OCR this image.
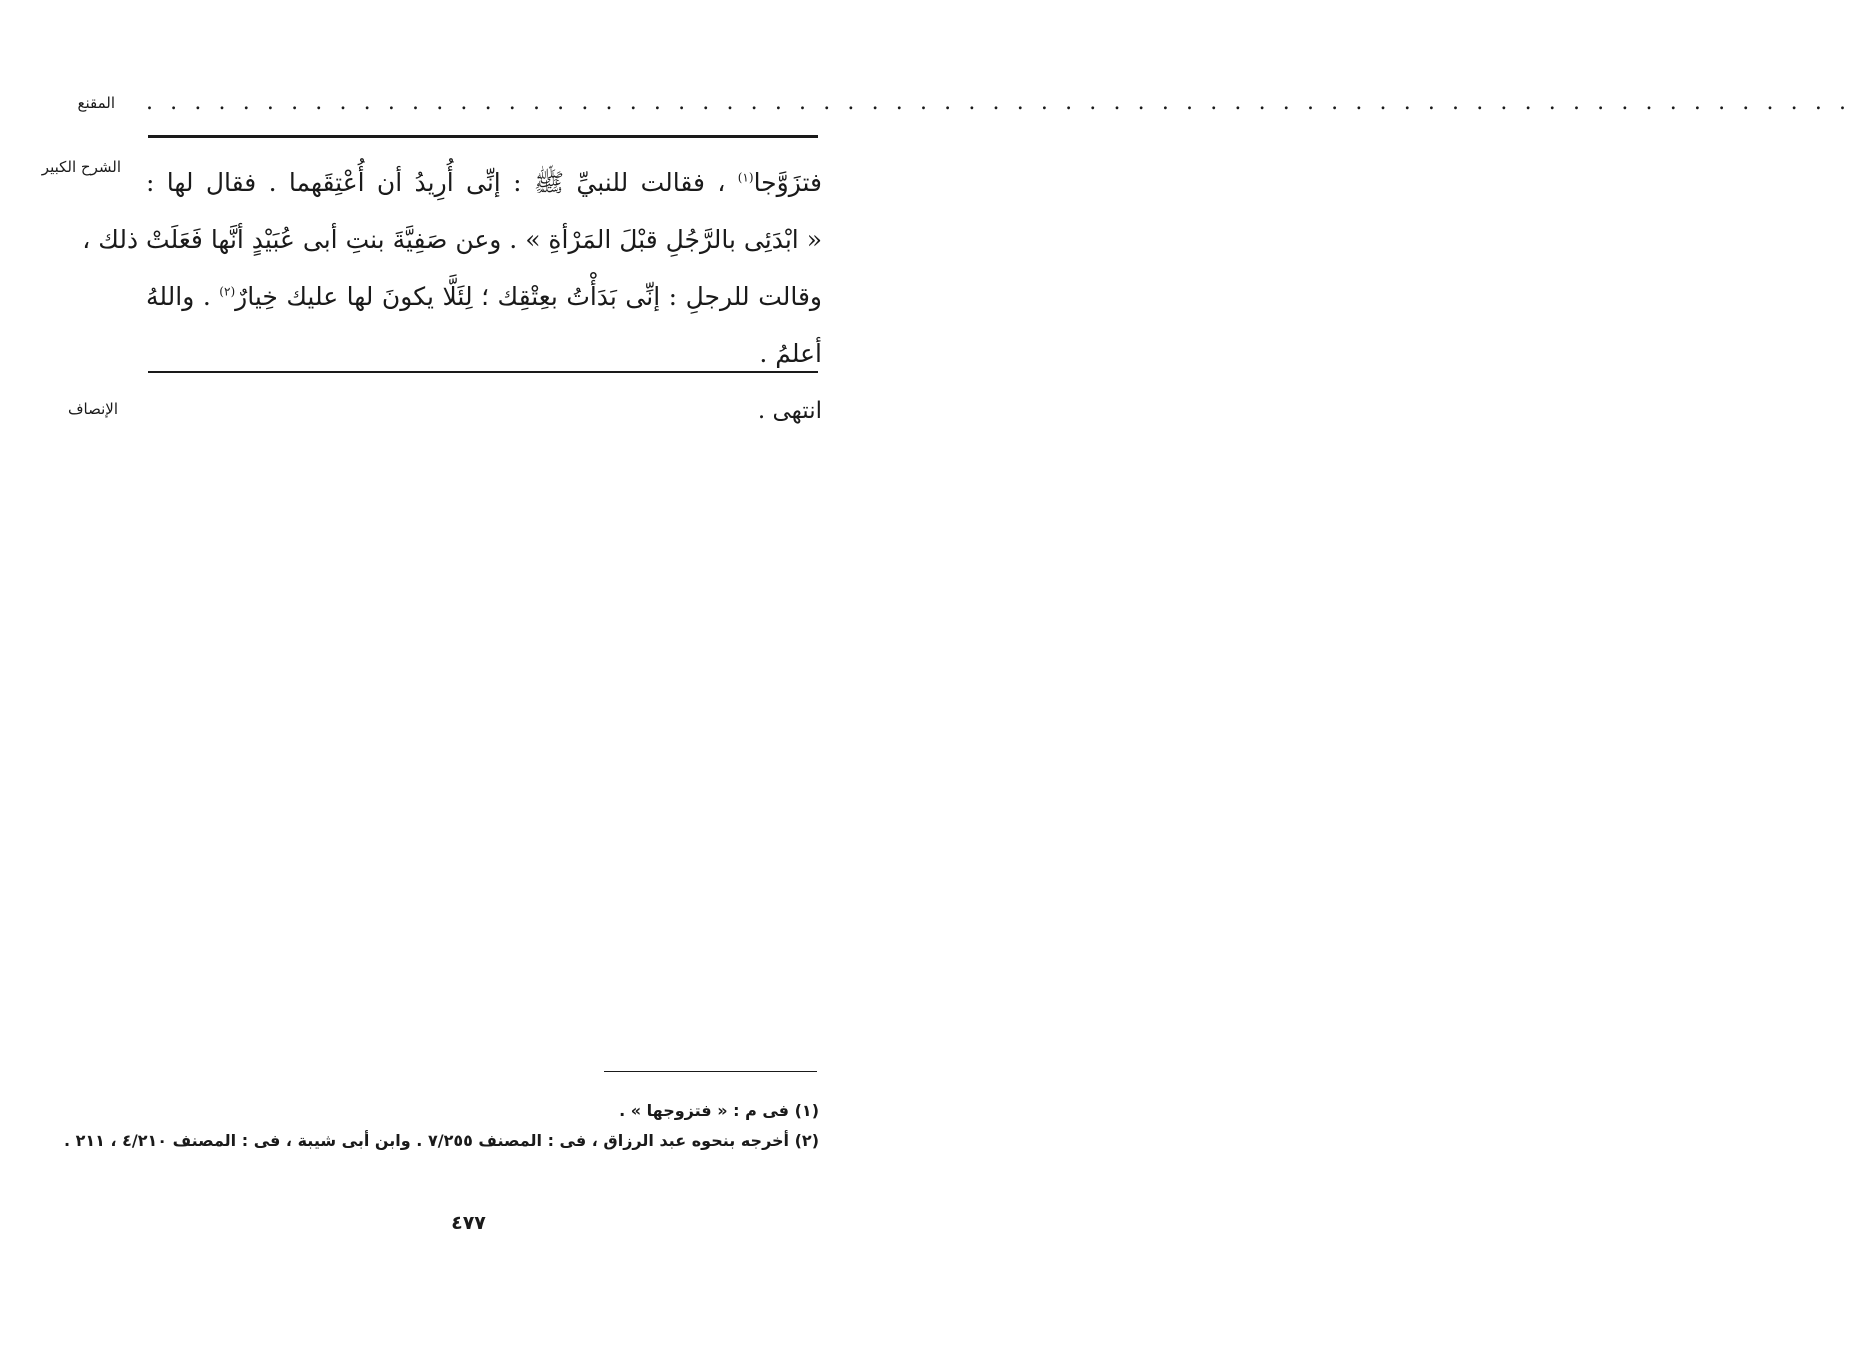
المقنع . . . . . . . . . . . . . . . . . . . . . . . . . . . . . . . . . . . . . . . . . . . . . . . . . . . . . . . . . . . . . . . . . . . . . . .
الشرح الكبير
فتزَوَّجا$^{(١)}$ ، فقالت للنبيِّ ﷺ : إنِّى أُرِيدُ أن أُعْتِقَهما . فقال لها :
« ابْدَئِى بالرَّجُلِ قبْلَ المَرْأةِ » . وعن صَفِيَّةَ بنتِ أبى عُبَيْدٍ أنَّها فَعَلَتْ ذلك ،
وقالت للرجلِ : إنِّى بَدَأْتُ بعِتْقِك ؛ لِئَلَّا يكونَ لها عليك خِيارٌ$^{(٢)}$ . واللهُ
أعلمُ .
الإنصاف	انتهى .
(١) فى م : « فتزوجها » .
(٢) أخرجه بنحوه عبد الرزاق ، فى : المصنف ٧/٢٥٥ . وابن أبى شيبة ، فى : المصنف ٤/٢١٠ ، ٢١١ .
٤٧٧
